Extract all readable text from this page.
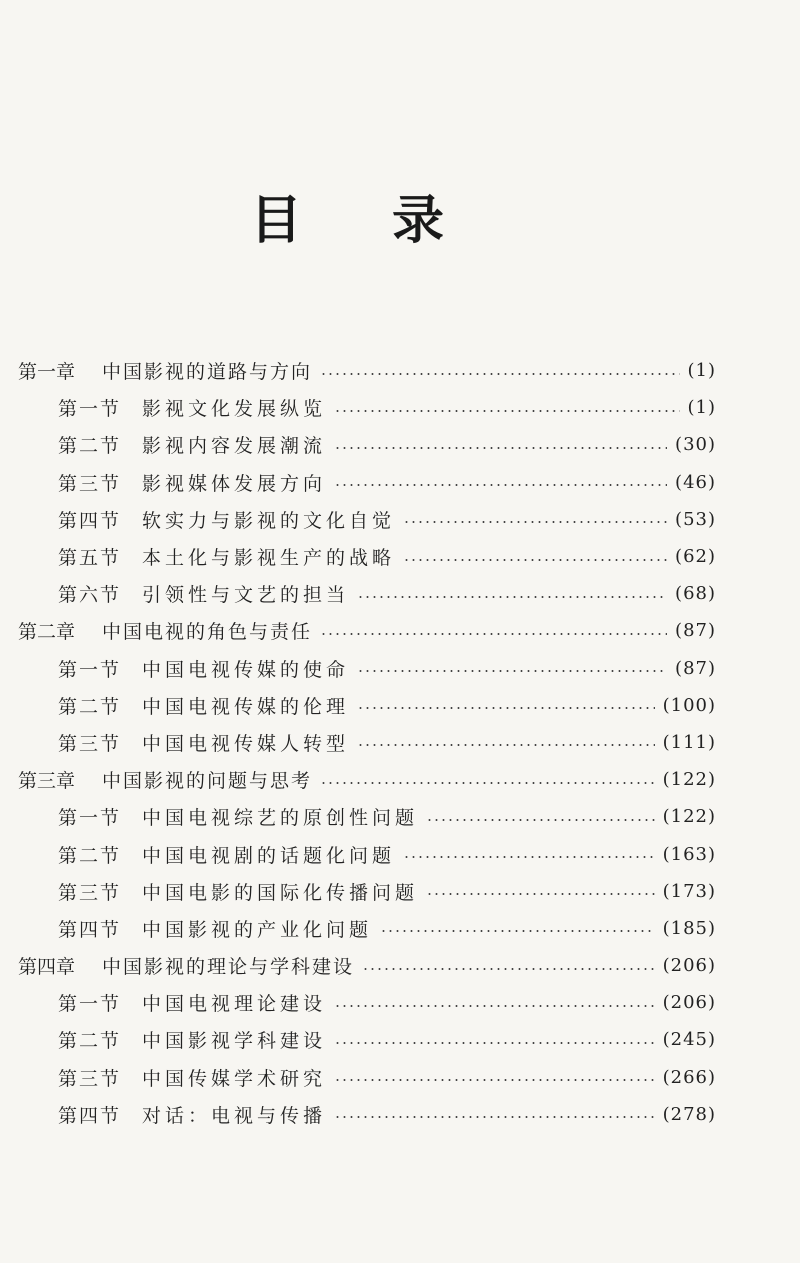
目 录
第一章	中国影视的道路与方向	(1)
第一节	影视文化发展纵览	(1)
第二节	影视内容发展潮流	(30)
第三节	影视媒体发展方向	(46)
第四节	软实力与影视的文化自觉	(53)
第五节	本土化与影视生产的战略	(62)
第六节	引领性与文艺的担当	(68)
第二章	中国电视的角色与责任	(87)
第一节	中国电视传媒的使命	(87)
第二节	中国电视传媒的伦理	(100)
第三节	中国电视传媒人转型	(111)
第三章	中国影视的问题与思考	(122)
第一节	中国电视综艺的原创性问题	(122)
第二节	中国电视剧的话题化问题	(163)
第三节	中国电影的国际化传播问题	(173)
第四节	中国影视的产业化问题	(185)
第四章	中国影视的理论与学科建设	(206)
第一节	中国电视理论建设	(206)
第二节	中国影视学科建设	(245)
第三节	中国传媒学术研究	(266)
第四节	对话：电视与传播	(278)
